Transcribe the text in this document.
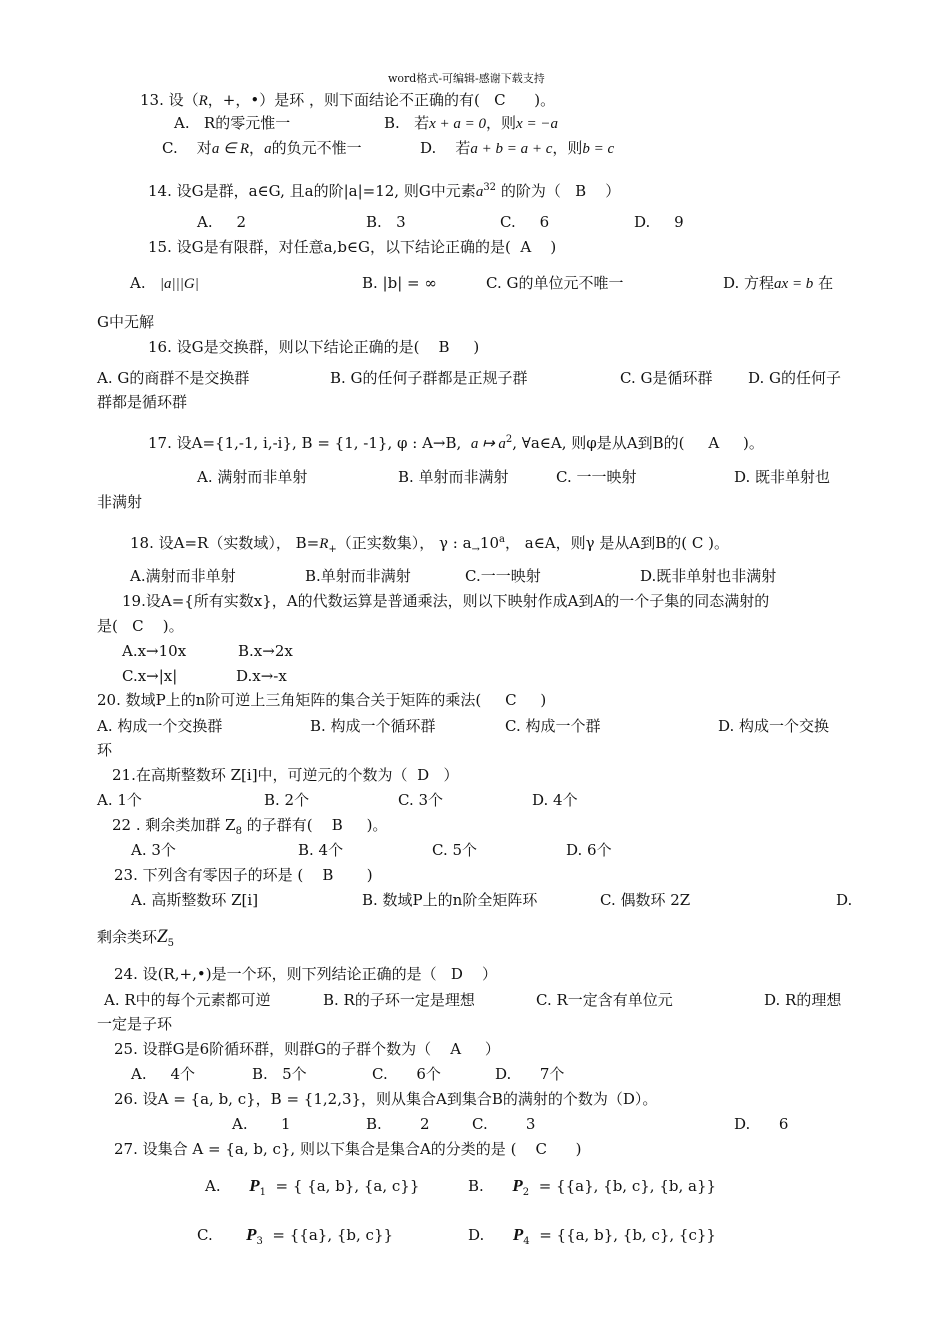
word格式-可编辑-感谢下载支持
13. 设（R，+，•）是环 ，则下面结论不正确的有( C )。
A. R的零元惟一	B. 若x + a = 0，则x = −a
C. 对a ∈ R，a的负元不惟一	D. 若a + b = a + c，则b = c
14. 设G是群，a∈G, 且a的阶|a|=12, 则G中元素$a^{32}$ 的阶为（ B ）
A. 2	B. 3	C. 6	D. 9
15. 设G是有限群，对任意a,b∈G，以下结论正确的是( A )
A. |a|||G|	B. |b| = ∞	C. G的单位元不唯一	D. 方程ax = b 在
G中无解
16. 设G是交换群，则以下结论正确的是( B )
A. G的商群不是交换群	B. G的任何子群都是正规子群	C. G是循环群 D. G的任何子
群都是循环群
17. 设A={1,-1, i,-i}, B = {1, -1}, φ : A→B, a ↦ $a^2$, ∀a∈A, 则φ是从A到B的( A )。
A. 满射而非单射	B. 单射而非满射	C. 一一映射	D. 既非单射也
非满射
18. 设A=R（实数域）， $B=R_+$（正实数集）， γ : $a_\to 10^a$， a∈A，则γ 是从A到B的( C )。
A.满射而非单射	B.单射而非满射	C.一一映射	D.既非单射也非满射
19.设A={所有实数x}，A的代数运算是普通乘法，则以下映射作成A到A的一个子集的同态满射的
是( C )。
A.x→10x	B.x→2x
C.x→|x|	D.x→-x
20. 数域P上的n阶可逆上三角矩阵的集合关于矩阵的乘法( C )
A. 构成一个交换群	B. 构成一个循环群	C. 构成一个群	D. 构成一个交换
环
21.在高斯整数环 Z[i]中，可逆元的个数为（ D ）
A. 1个	B. 2个	C. 3个	D. 4个
22 . 剩余类加群 $Z_8$ 的子群有( B )。
A. 3个	B. 4个	C. 5个	D. 6个
23. 下列含有零因子的环是 ( B )
A. 高斯整数环 Z[i]	B. 数域P上的n阶全矩阵环	C. 偶数环 2Z	D.
剩余类环$Z_5$
24. 设(R,+,•)是一个环，则下列结论正确的是（ D ）
A. R中的每个元素都可逆	B. R的子环一定是理想	C. R一定含有单位元	D. R的理想
一定是子环
25. 设群G是6阶循环群，则群G的子群个数为（ A ）
A. 4个	B. 5个	C. 6个	D. 7个
26. 设A = {a, b, c}，B = {1,2,3}，则从集合A到集合B的满射的个数为（D）。
A. 1	B.	2	C.	3	D. 6
27. 设集合 A = {a, b, c}, 则以下集合是集合A的分类的是 ( C )
A. $P_1$ = { {a, b}, {a, c}}	B. $P_2 = \{\{a\}$, {b, c}, {b, a}}
C. $P_3 = \{\{a\}$, {b, c}}	D. $P_4 = \{\{a$, b}, {b, c}, {c}}
